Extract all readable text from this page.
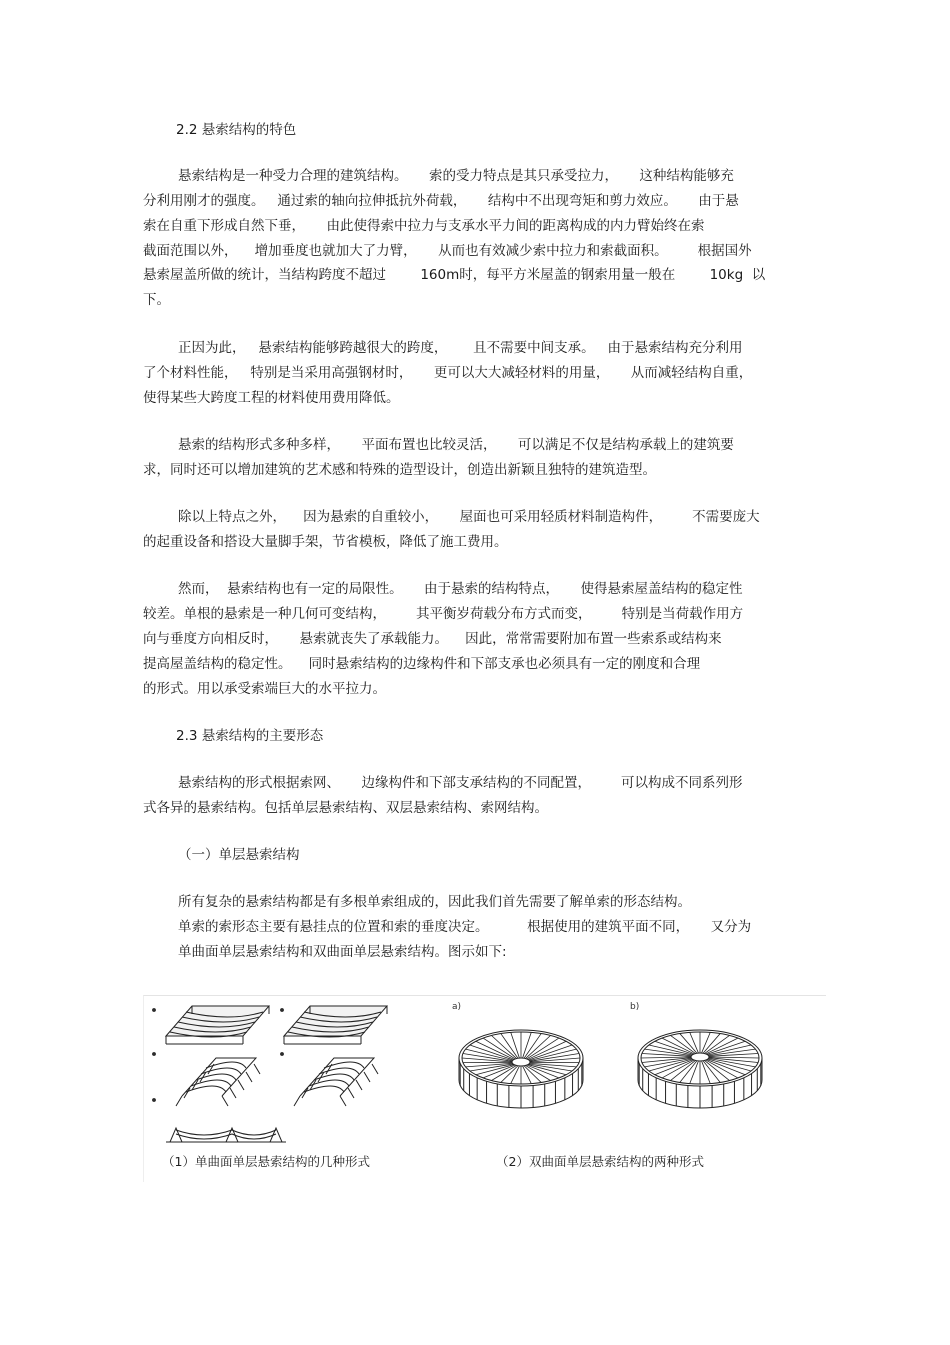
2.2 悬索结构的特色
悬索结构是一种受力合理的建筑结构。     索的受力特点是其只承受拉力，     这种结构能够充
分利用刚才的强度。   通过索的轴向拉伸抵抗外荷载，     结构中不出现弯矩和剪力效应。     由于悬
索在自重下形成自然下垂，     由此使得索中拉力与支承水平力间的距离构成的内力臂始终在索
截面范围以外，    增加垂度也就加大了力臂，     从而也有效减少索中拉力和索截面积。       根据国外
悬索屋盖所做的统计，当结构跨度不超过        160m时，每平方米屋盖的钢索用量一般在        10kg  以
下。
正因为此，   悬索结构能够跨越很大的跨度，      且不需要中间支承。   由于悬索结构充分利用
了个材料性能，   特别是当采用高强钢材时，     更可以大大减轻材料的用量，     从而减轻结构自重，
使得某些大跨度工程的材料使用费用降低。
悬索的结构形式多种多样，     平面布置也比较灵活，     可以满足不仅是结构承载上的建筑要
求，同时还可以增加建筑的艺术感和特殊的造型设计，创造出新颖且独特的建筑造型。
除以上特点之外，    因为悬索的自重较小，     屋面也可采用轻质材料制造构件，       不需要庞大
的起重设备和搭设大量脚手架，节省模板，降低了施工费用。
然而，  悬索结构也有一定的局限性。     由于悬索的结构特点，     使得悬索屋盖结构的稳定性
较差。单根的悬索是一种几何可变结构，       其平衡岁荷载分布方式而变，       特别是当荷载作用方
向与垂度方向相反时，     悬索就丧失了承载能力。    因此，常常需要附加布置一些索系或结构来
提高屋盖结构的稳定性。    同时悬索结构的边缘构件和下部支承也必须具有一定的刚度和合理
的形式。用以承受索端巨大的水平拉力。
2.3 悬索结构的主要形态
悬索结构的形式根据索网、     边缘构件和下部支承结构的不同配置，       可以构成不同系列形
式各异的悬索结构。包括单层悬索结构、双层悬索结构、索网结构。
（一）单层悬索结构
所有复杂的悬索结构都是有多根单索组成的，因此我们首先需要了解单索的形态结构。
单索的索形态主要有悬挂点的位置和索的垂度决定。         根据使用的建筑平面不同，     又分为
单曲面单层悬索结构和双曲面单层悬索结构。图示如下:
a)	b)
（1）单曲面单层悬索结构的几种形式	（2）双曲面单层悬索结构的两种形式
